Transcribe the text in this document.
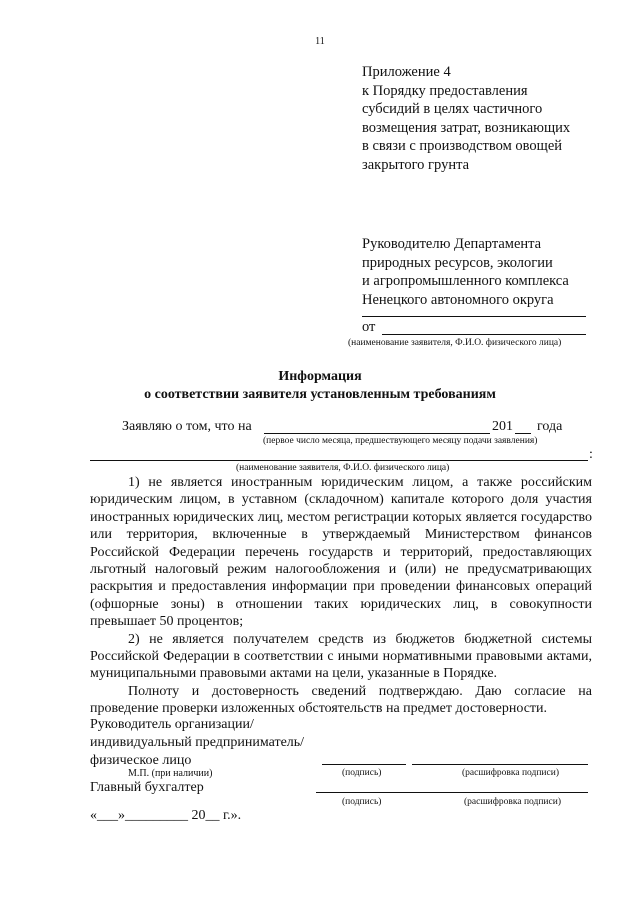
11
Приложение 4
к Порядку предоставления
субсидий в целях частичного
возмещения затрат, возникающих
в связи с производством овощей
закрытого грунта
Руководителю Департамента
природных ресурсов, экологии
и агропромышленного комплекса
Ненецкого автономного округа
от
(наименование заявителя, Ф.И.О. физического лица)
Информация
о соответствии заявителя установленным требованиям
Заявляю о том, что на	201 года
(первое число месяца, предшествующего месяцу подачи заявления)
:
(наименование заявителя, Ф.И.О. физического лица)

1) не является иностранным юридическим лицом, а также российским юридическим лицом, в уставном (складочном) капитале которого доля участия иностранных юридических лиц, местом регистрации которых является государство или территория, включенные в утверждаемый Министерством финансов Российской Федерации перечень государств и территорий, предоставляющих льготный налоговый режим налогообложения и (или) не предусматривающих раскрытия и предоставления информации при проведении финансовых операций (офшорные зоны) в отношении таких юридических лиц, в совокупности превышает 50 процентов;

2) не является получателем средств из бюджетов бюджетной системы Российской Федерации в соответствии с иными нормативными правовыми актами, муниципальными правовыми актами на цели, указанные в Порядке.

Полноту и достоверность сведений подтверждаю. Даю согласие на проведение проверки изложенных обстоятельств на предмет достоверности.

Руководитель организации/
индивидуальный предприниматель/
физическое лицо
М.П. (при наличии)	(подпись)	(расшифровка подписи)
Главный бухгалтер
(подпись)	(расшифровка подписи)
«___»_________ 20__ г.».
